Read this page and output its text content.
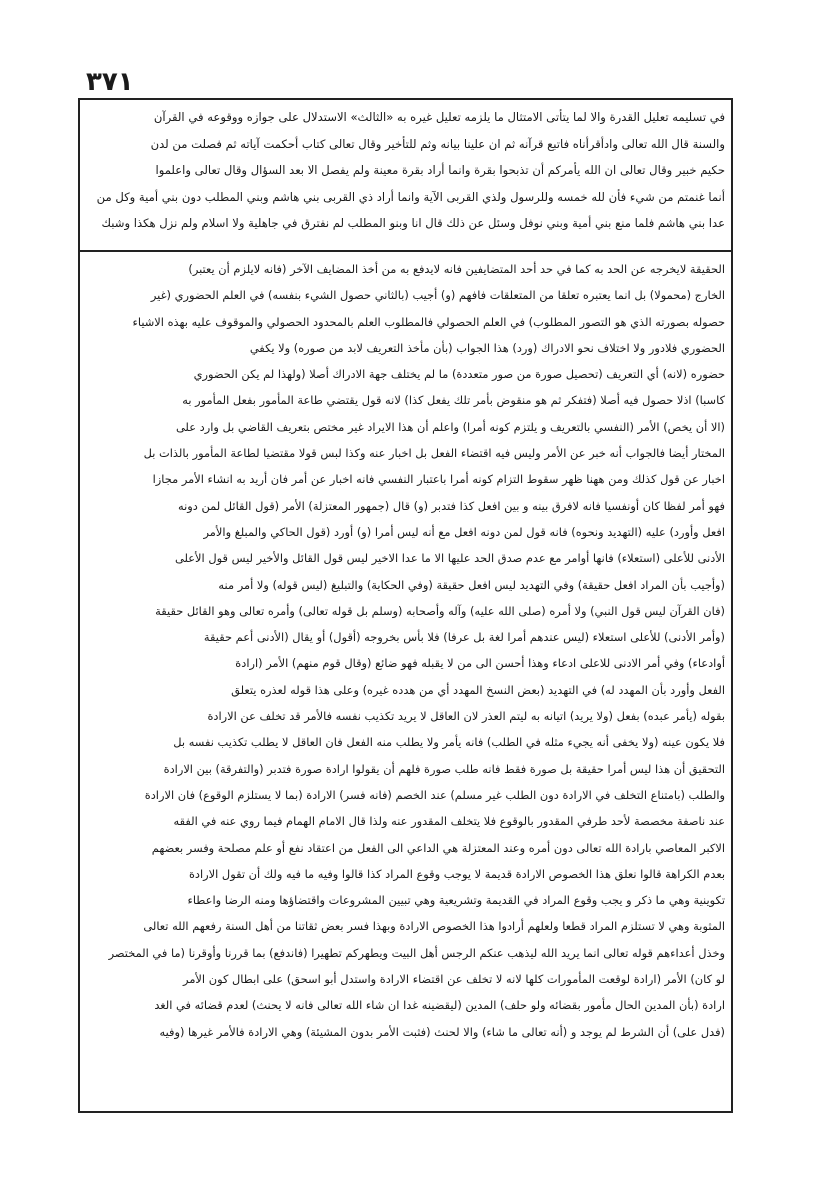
٣٧١
في تسليمه تعليل القدرة والا لما يتأتى الامتثال ما يلزمه تعليل غيره به «الثالث» الاستدلال على جوازه ووقوعه في القرآن
والسنة قال الله تعالى وادأقرأناه فاتبع قرآنه ثم ان علينا بيانه وثم للتأخير وقال تعالى كتاب أحكمت آياته ثم فصلت من لدن
حكيم خبير وقال تعالى ان الله يأمركم أن تذبحوا بقرة وانما أراد بقرة معينة ولم يفصل الا بعد السؤال وقال تعالى واعلموا
أنما غنمتم من شيء فأن لله خمسه وللرسول ولذي القربى الآية وانما أراد ذي القربى بني هاشم وبني المطلب دون بني أمية وكل من
عدا بني هاشم فلما منع بني أمية وبني نوفل وسئل عن ذلك قال انا وبنو المطلب لم نفترق في جاهلية ولا اسلام ولم نزل هكذا وشبك
الحقيقة لايخرجه عن الحد به كما في حد أحد المتضايفين فانه لايدفع به من أخذ المضايف الآخر (فانه لايلزم أن يعتبر)
الخارج (محمولا) بل انما يعتبره تعلقا من المتعلقات فافهم (و) أجيب (بالثاني حصول الشيء بنفسه) في العلم الحضوري (غير
حصوله بصورته الذي هو التصور المطلوب) في العلم الحصولي فالمطلوب العلم بالمحدود الحصولي والموقوف عليه بهذه الاشياء
الحضوري فلادور ولا اختلاف نحو الادراك (ورد) هذا الجواب (بأن مأخذ التعريف لابد من صوره) ولا يكفي
حضوره (لانه) أي التعريف (تحصيل صورة من صور متعددة) ما لم يختلف جهة الادراك أصلا (ولهذا لم يكن الحضوري
كاسبا) اذلا حصول فيه أصلا (فتفكر ثم هو منقوض بأمر تلك يفعل كذا) لانه قول يقتضي طاعة المأمور بفعل المأمور به
(الا أن يخص) الأمر (النفسي بالتعريف و يلتزم كونه أمرا) واعلم أن هذا الايراد غير مختص بتعريف القاضي بل وارد على
المختار أيضا فالجواب أنه خبر عن الأمر وليس فيه اقتضاء الفعل بل اخبار عنه وكذا لبس قولا مقتضيا لطاعة المأمور بالذات بل
اخبار عن قول كذلك ومن ههنا ظهر سقوط التزام كونه أمرا باعتبار النفسي فانه اخبار عن أمر فان أريد به انشاء الأمر مجازا
فهو أمر لفظا كان أونفسيا فانه لافرق بينه و بين افعل كذا فتدبر (و) قال (جمهور المعتزلة) الأمر (قول القائل لمن دونه
افعل وأورد) عليه (التهديد ونحوه) فانه قول لمن دونه افعل مع أنه ليس أمرا (و) أورد (قول الحاكي والمبلغ والأمر
الأدنى للأعلى (استعلاء) فانها أوامر مع عدم صدق الحد عليها الا ما عدا الاخير ليس قول القائل والأخير ليس قول الأعلى
(وأجيب بأن المراد افعل حقيقة) وفي التهديد ليس افعل حقيقة (وفي الحكاية) والتبليغ (ليس قوله) ولا أمر منه
(فان القرآن ليس قول النبي) ولا أمره (صلى الله عليه) وآله وأصحابه (وسلم بل قوله تعالى) وأمره تعالى وهو القائل حقيقة
(وأمر الأدنى) للأعلى استعلاء (ليس عندهم أمرا لغة بل عرفا) فلا بأس بخروجه (أقول) أو يقال (الأدنى أعم حقيقة
أوادعاء) وفي أمر الادنى للاعلى ادعاء وهذا أحسن الى من لا يقبله فهو ضائع (وقال قوم منهم) الأمر (ارادة
الفعل وأورد بأن المهدد له) في التهديد (بعض النسخ المهدد أي من هدده غيره) وعلى هذا قوله لعذره يتعلق
بقوله (يأمر عبده) بفعل (ولا يريد) اتيانه به ليتم العذر لان العاقل لا يريد تكذيب نفسه فالأمر قد تخلف عن الارادة
فلا يكون عينه (ولا يخفى أنه يجيء مثله في الطلب) فانه يأمر ولا يطلب منه الفعل فان العاقل لا يطلب تكذيب نفسه بل
التحقيق أن هذا ليس أمرا حقيقة بل صورة فقط فانه طلب صورة فلهم أن يقولوا ارادة صورة فتدبر (والتفرقة) بين الارادة
والطلب (بامتناع التخلف في الارادة دون الطلب غير مسلم) عند الخصم (فانه فسر) الارادة (بما لا يستلزم الوقوع) فان الارادة
عند ناصفة مخصصة لأحد طرفي المقدور بالوقوع فلا يتخلف المقدور عنه ولذا قال الامام الهمام فيما روي عنه في الفقه
الاكبر المعاصي بارادة الله تعالى دون أمره وعند المعتزلة هي الداعي الى الفعل من اعتقاد نفع أو علم مصلحة وفسر بعضهم
بعدم الكراهة قالوا نعلق هذا الخصوص الارادة قديمة لا يوجب وقوع المراد كذا قالوا وفيه ما فيه ولك أن تقول الارادة
تكوينية وهي ما ذكر و يجب وقوع المراد في القديمة وتشريعية وهي تبيين المشروعات واقتضاؤها ومنه الرضا واعطاء
المثوبة وهي لا تستلزم المراد قطعا ولعلهم أرادوا هذا الخصوص الارادة وبهذا فسر بعض ثقاتنا من أهل السنة رفعهم الله تعالى
وخذل أعداءهم قوله تعالى انما يريد الله ليذهب عنكم الرجس أهل البيت ويطهركم تطهيرا (فاندفع) بما قررنا وأوقرنا (ما في المختصر
لو كان) الأمر (ارادة لوقعت المأمورات كلها لانه لا تخلف عن اقتضاء الارادة واستدل أبو اسحق) على ابطال كون الأمر
ارادة (بأن المدين الحال مأمور بقضائه ولو حلف) المدين (ليقضينه غدا ان شاء الله تعالى فانه لا يحنث) لعدم قضائه في الغد
(فدل على) أن الشرط لم يوجد و (أنه تعالى ما شاء) والا لحنث (فثبت الأمر بدون المشيئة) وهي الارادة فالأمر غيرها (وفيه
